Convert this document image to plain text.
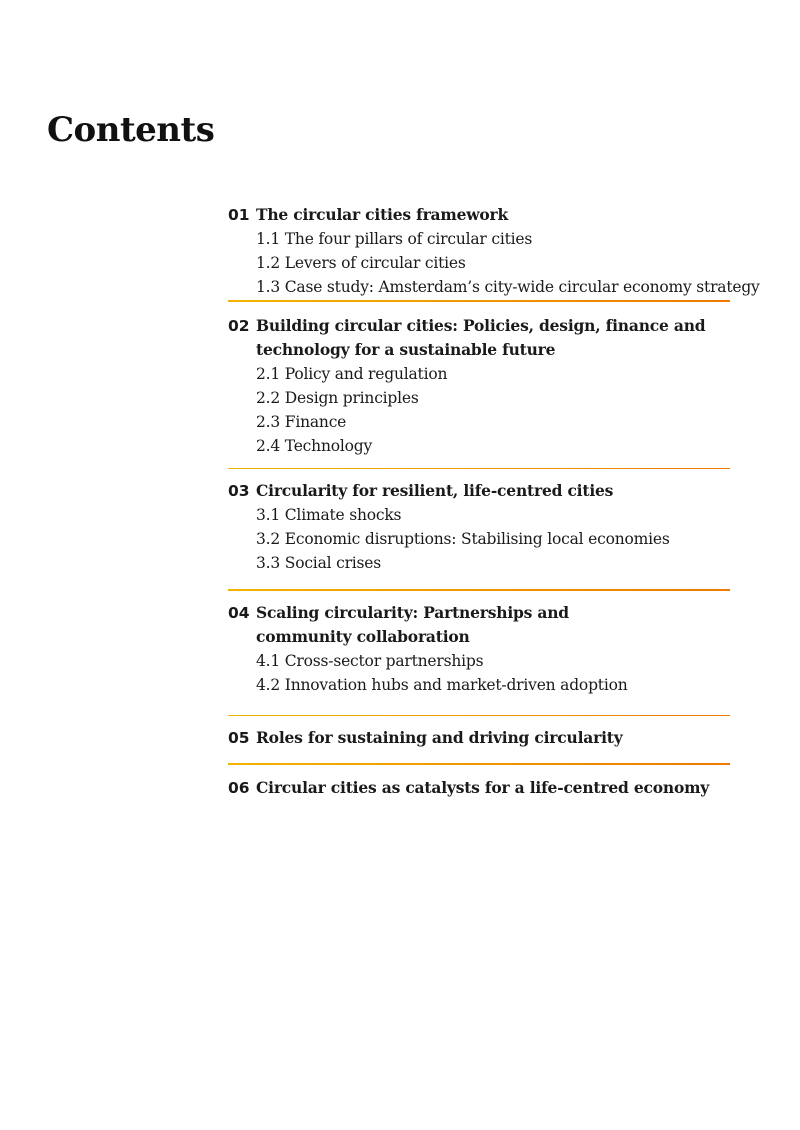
Contents
01 The circular cities framework
1.1 The four pillars of circular cities
1.2 Levers of circular cities
1.3 Case study: Amsterdam’s city-wide circular economy strategy
02 Building circular cities: Policies, design, finance and
technology for a sustainable future
2.1 Policy and regulation
2.2 Design principles
2.3 Finance
2.4 Technology
03 Circularity for resilient, life-centred cities
3.1 Climate shocks
3.2 Economic disruptions: Stabilising local economies
3.3 Social crises
04 Scaling circularity: Partnerships and
community collaboration
4.1 Cross-sector partnerships
4.2 Innovation hubs and market-driven adoption
05 Roles for sustaining and driving circularity
06 Circular cities as catalysts for a life-centred economy
